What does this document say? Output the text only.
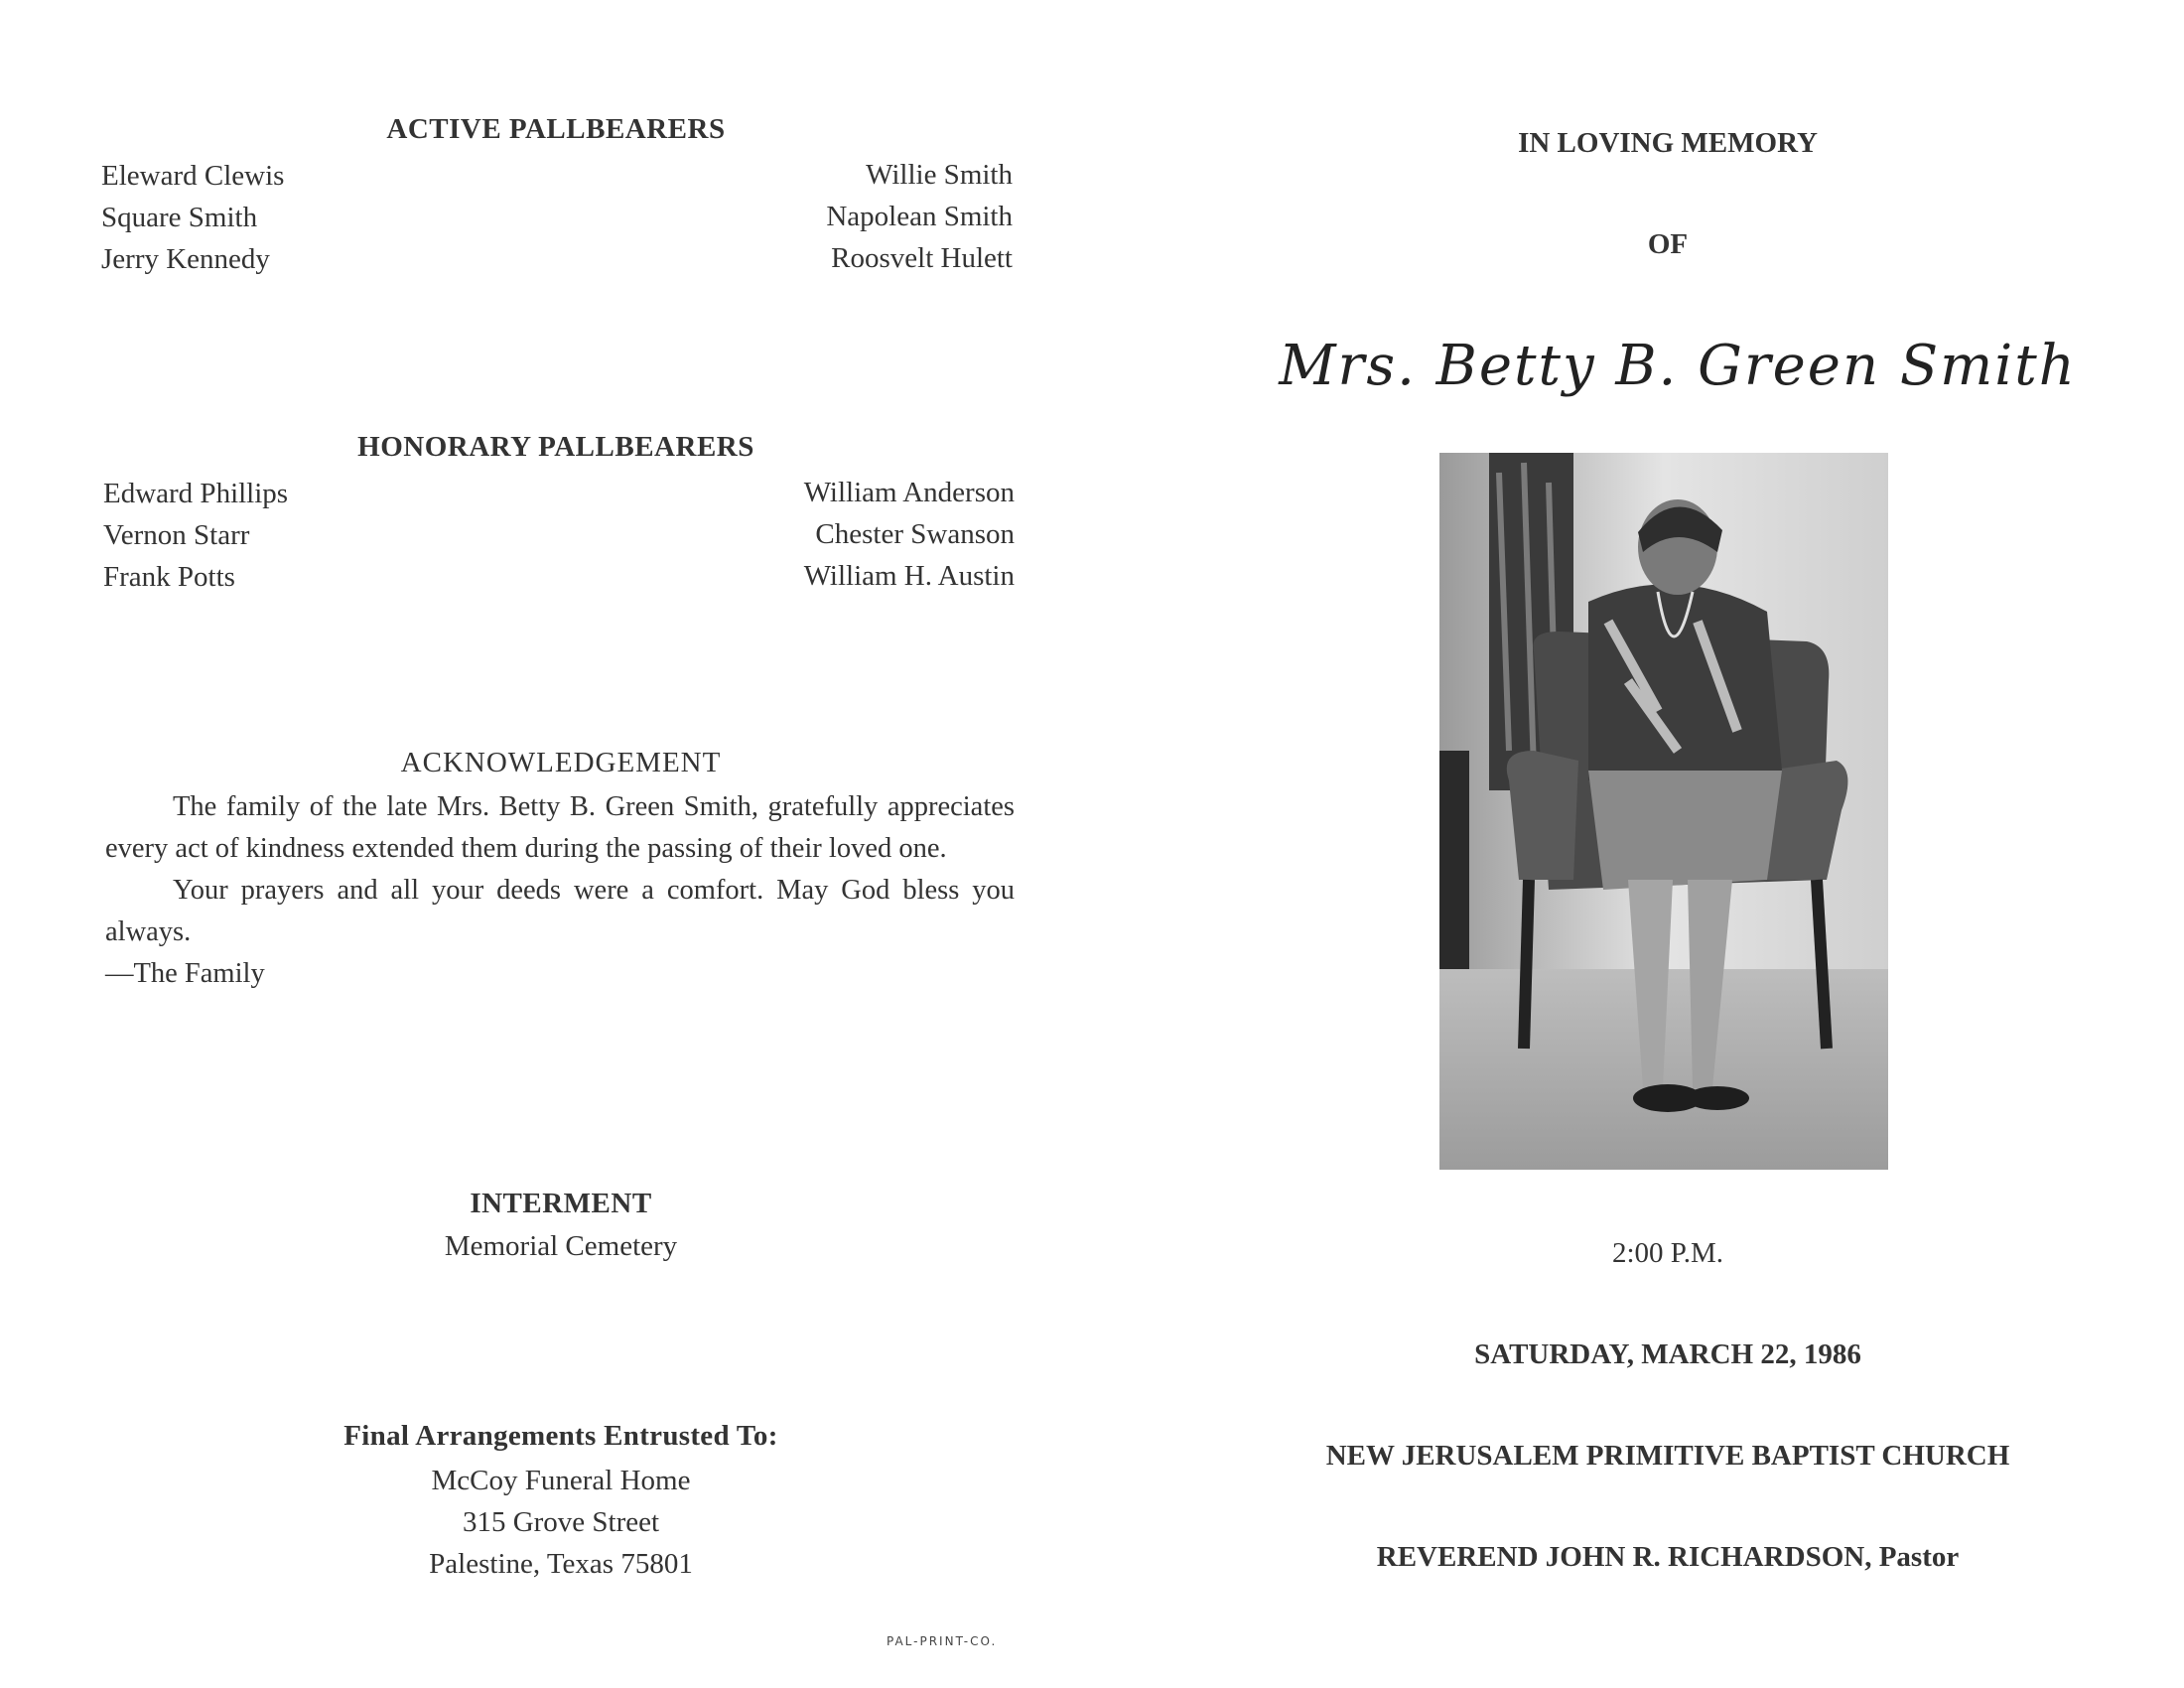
ACTIVE PALLBEARERS
Eleward Clewis
Square Smith
Jerry Kennedy
Willie Smith
Napolean Smith
Roosvelt Hulett
HONORARY PALLBEARERS
Edward Phillips
Vernon Starr
Frank Potts
William Anderson
Chester Swanson
William H. Austin
ACKNOWLEDGEMENT
The family of the late Mrs. Betty B. Green Smith, gratefully appreciates every act of kindness extended them during the passing of their loved one.
Your prayers and all your deeds were a comfort. May God bless you always.
—The Family
INTERMENT
Memorial Cemetery
Final Arrangements Entrusted To:
McCoy Funeral Home
315 Grove Street
Palestine, Texas 75801
PAL-PRINT-CO.
IN LOVING MEMORY
OF
Mrs. Betty B. Green Smith
2:00 P.M.
SATURDAY, MARCH 22, 1986
NEW JERUSALEM PRIMITIVE BAPTIST CHURCH
REVEREND JOHN R. RICHARDSON, Pastor
